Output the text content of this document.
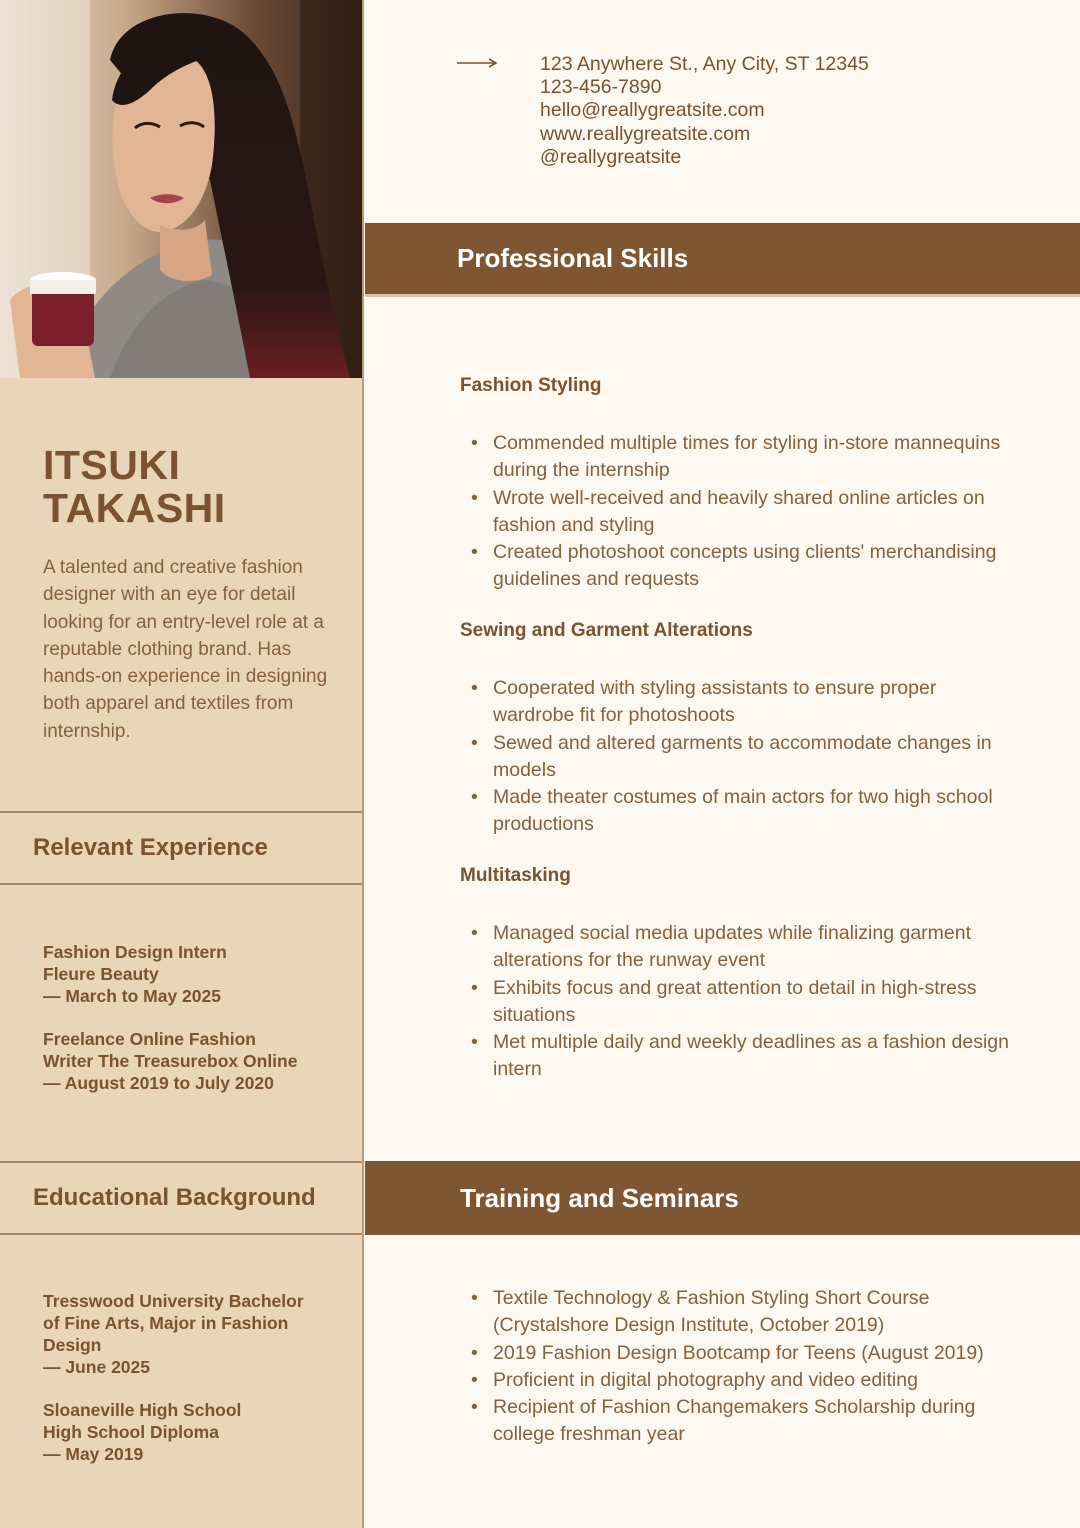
ITSUKI
TAKASHI

A talented and creative fashion designer with an eye for detail looking for an entry-level role at a reputable clothing brand. Has hands-on experience in designing both apparel and textiles from internship.

Relevant Experience
Fashion Design Intern
Fleure Beauty
— March to May 2025
Freelance Online Fashion
Writer The Treasurebox Online
— August 2019 to July 2020
Educational Background
Tresswood University Bachelor
of Fine Arts, Major in Fashion
Design
— June 2025
Sloaneville High School
High School Diploma
— May 2019
123 Anywhere St., Any City, ST 12345
123-456-7890
hello@reallygreatsite.com
www.reallygreatsite.com
@reallygreatsite
Professional Skills
Fashion Styling
• Commended multiple times for styling in-store mannequins during the internship
• Wrote well-received and heavily shared online articles on fashion and styling
• Created photoshoot concepts using clients' merchandising guidelines and requests
Sewing and Garment Alterations
• Cooperated with styling assistants to ensure proper wardrobe fit for photoshoots
• Sewed and altered garments to accommodate changes in models
• Made theater costumes of main actors for two high school productions
Multitasking
• Managed social media updates while finalizing garment alterations for the runway event
• Exhibits focus and great attention to detail in high-stress situations
• Met multiple daily and weekly deadlines as a fashion design intern
Training and Seminars
• Textile Technology & Fashion Styling Short Course (Crystalshore Design Institute, October 2019)
• 2019 Fashion Design Bootcamp for Teens (August 2019)
• Proficient in digital photography and video editing
• Recipient of Fashion Changemakers Scholarship during college freshman year
